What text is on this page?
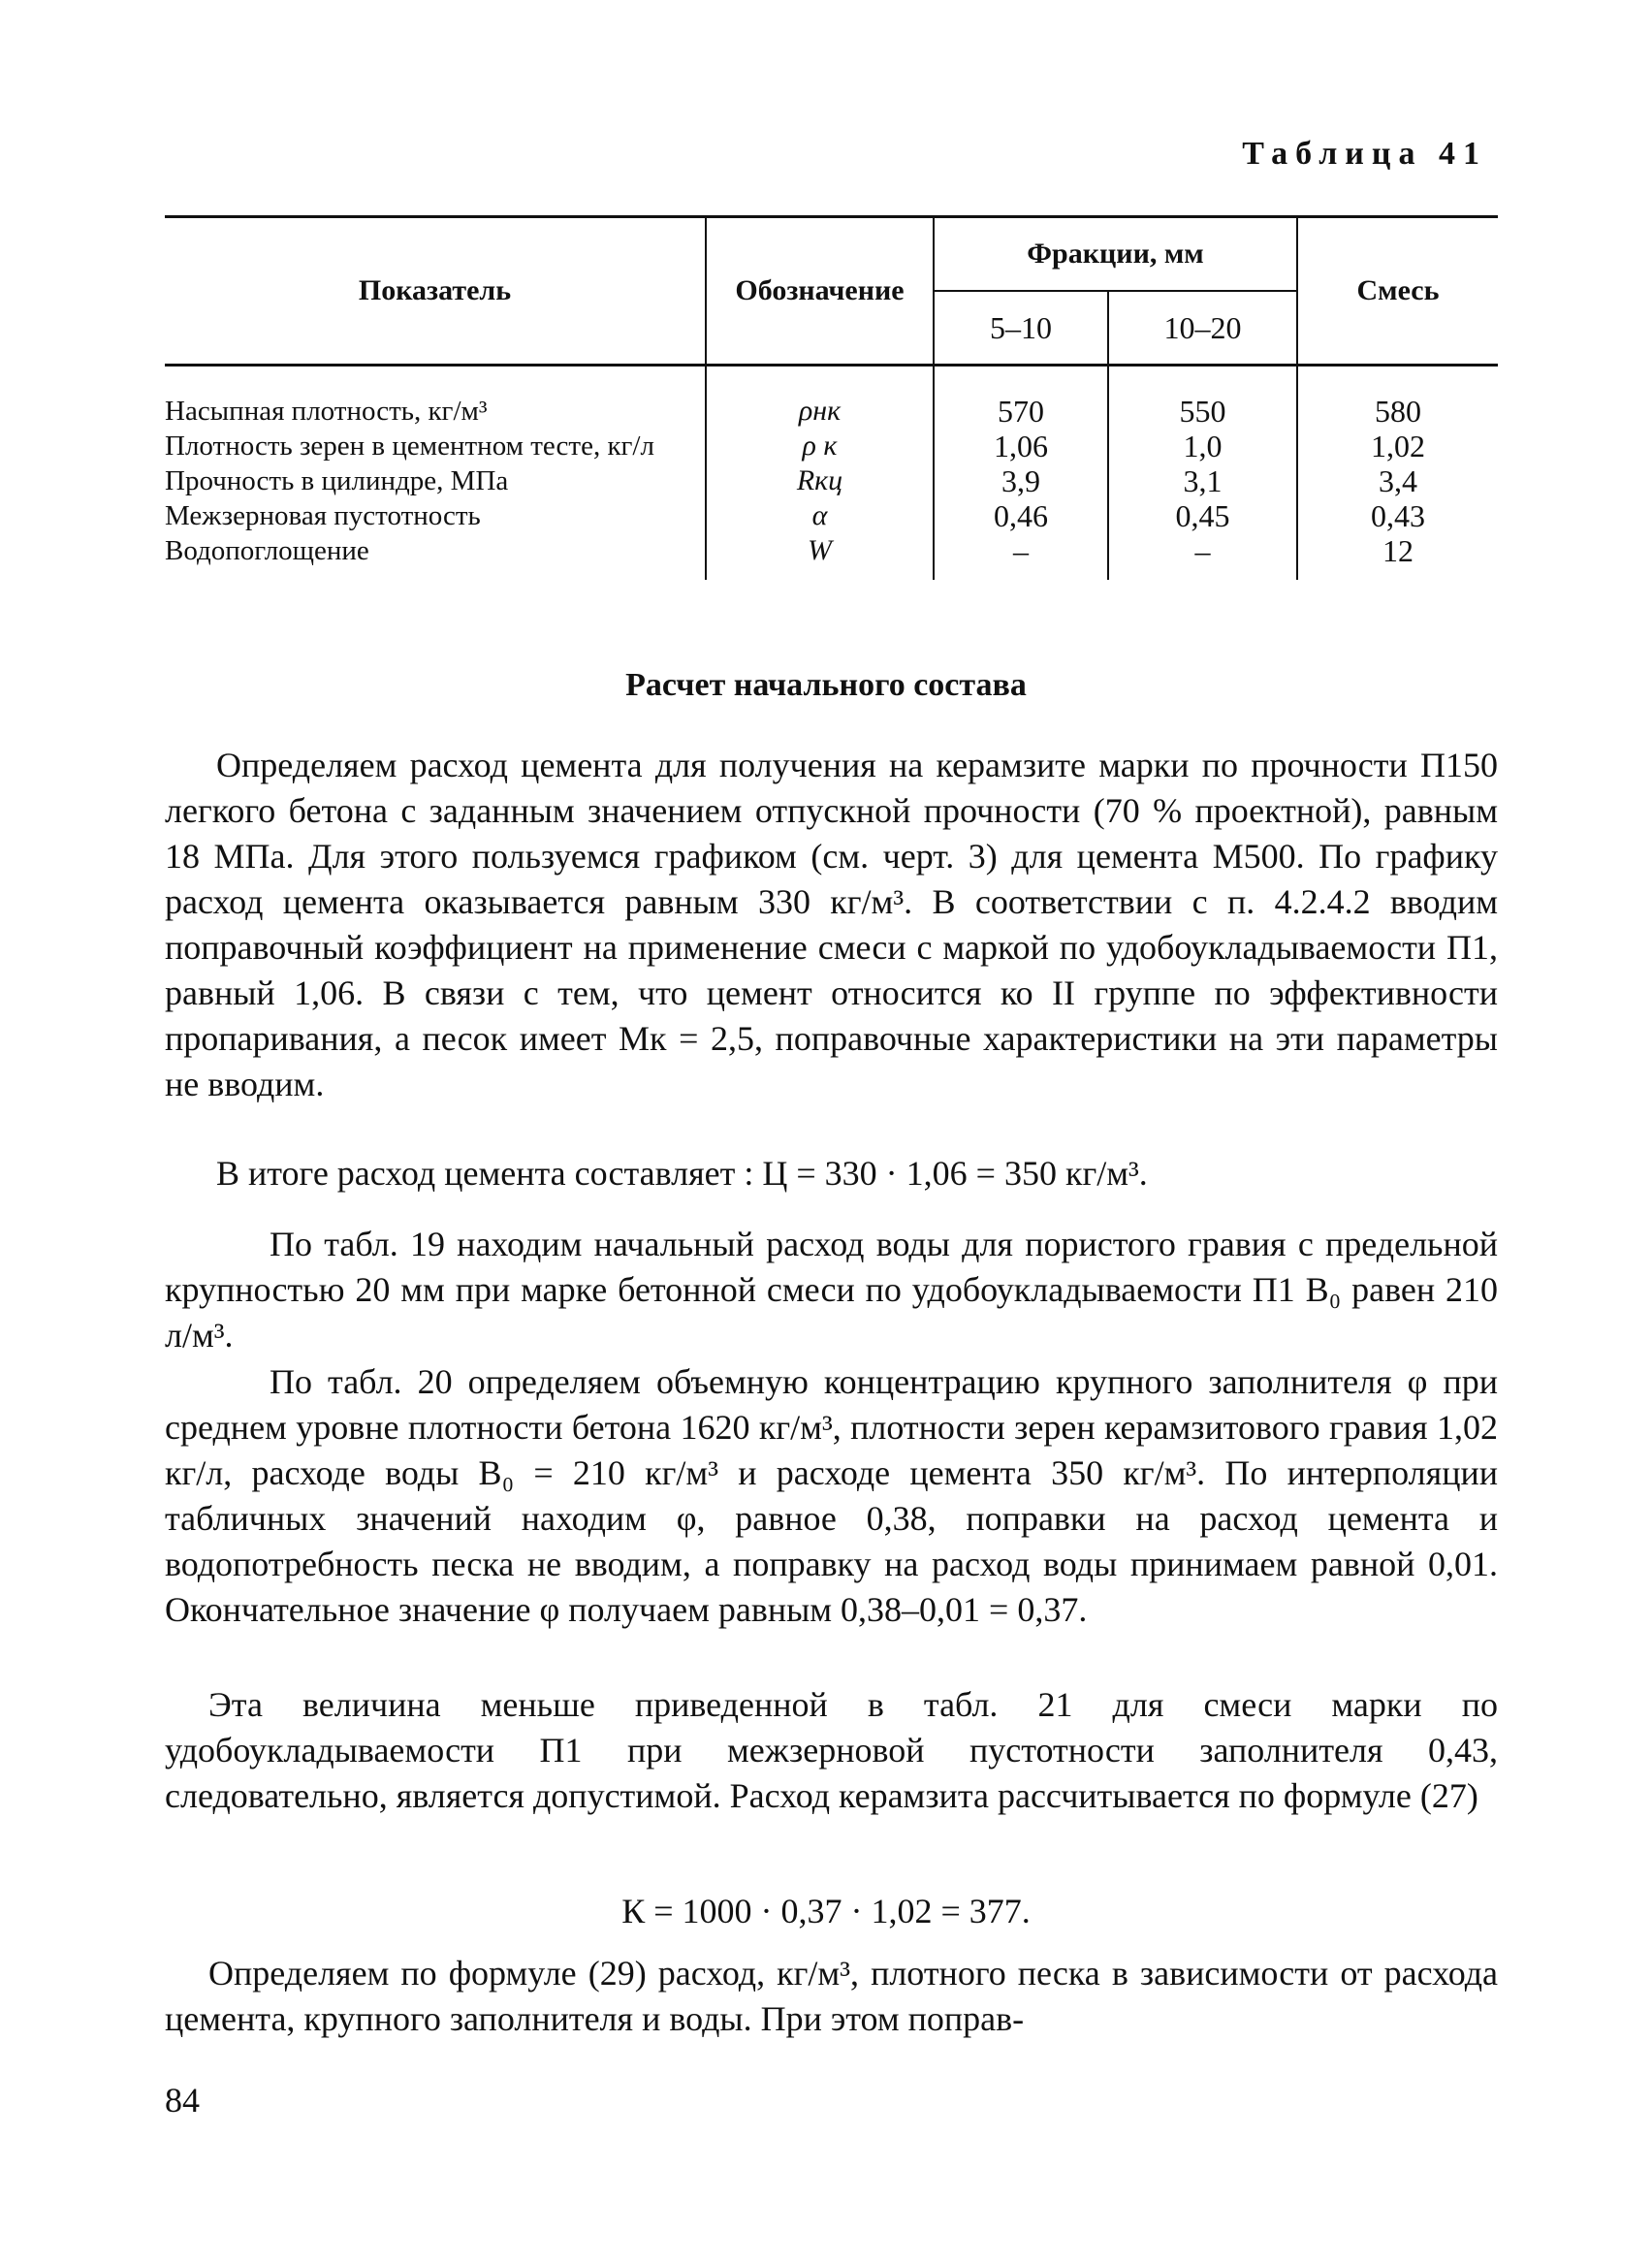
Таблица 41
Показатель	Обозначение	Фракции, мм		Смесь
		5–10	10–20	
Насыпная плотность, кг/м³	ρнк	570	550	580
Плотность зерен в цементном тесте, кг/л	ρ к	1,06	1,0	1,02
Прочность в цилиндре, МПа	Rкц	3,9	3,1	3,4
Межзерновая пустотность	α	0,46	0,45	0,43
Водопоглощение	W	–	–	12
Расчет начального состава

Определяем расход цемента для получения на керамзите марки по прочности П150 легкого бетона с заданным значением отпускной прочности (70 % проектной), равным 18 МПа. Для этого пользуемся графиком (см. черт. 3) для цемента М500. По графику расход цемента оказывается равным 330 кг/м³. В соответствии с п. 4.2.4.2 вводим поправочный коэффициент на применение смеси с маркой по удобоукладываемости П1, равный 1,06. В связи с тем, что цемент относится ко II группе по эффективности пропаривания, а песок имеет Mк = 2,5, поправочные характеристики на эти параметры не вводим.

В итоге расход цемента составляет : Ц = 330 · 1,06 = 350 кг/м³.

По табл. 19 находим начальный расход воды для пористого гравия с предельной крупностью 20 мм при марке бетонной смеси по удобоукладываемости П1 B₀ равен 210 л/м³.

По табл. 20 определяем объемную концентрацию крупного заполнителя φ при среднем уровне плотности бетона 1620 кг/м³, плотности зерен керамзитового гравия 1,02 кг/л, расходе воды B₀ = 210 кг/м³ и расходе цемента 350 кг/м³. По интерполяции табличных значений находим φ, равное 0,38, поправки на расход цемента и водопотребность песка не вводим, а поправку на расход воды принимаем равной 0,01. Окончательное значение φ получаем равным 0,38–0,01 = 0,37.

Эта величина меньше приведенной в табл. 21 для смеси марки по удобоукладываемости П1 при межзерновой пустотности заполнителя 0,43, следовательно, является допустимой. Расход керамзита рассчитывается по формуле (27)

К = 1000 · 0,37 · 1,02 = 377.

Определяем по формуле (29) расход, кг/м³, плотного песка в зависимости от расхода цемента, крупного заполнителя и воды. При этом поправ-

84
